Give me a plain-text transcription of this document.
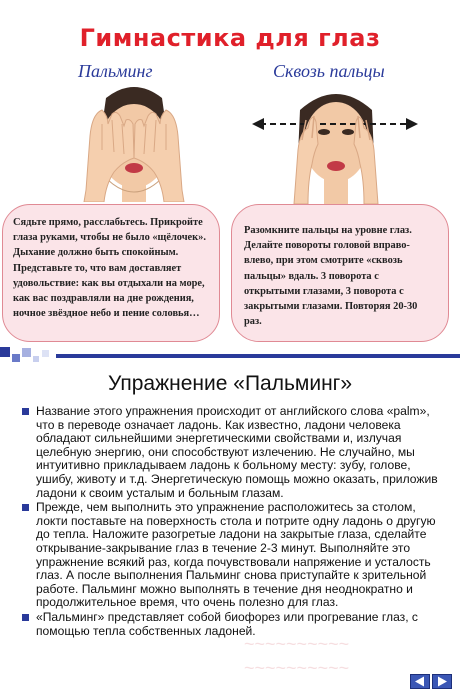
Гимнастика для глаз
Пальминг	Сквозь пальцы
Сядьте прямо, расслабьтесь. Прикройте глаза руками, чтобы не было «щёлочек». Дыхание должно быть спокойным. Представьте то, что вам доставляет удовольствие: как вы отдыхали на море, как вас поздравляли на дне рождения, ночное звёздное небо и пение соловья…
Разомкните пальцы на уровне глаз. Делайте повороты головой вправо-влево, при этом смотрите «сквозь пальцы» вдаль. 3 поворота с открытыми глазами, 3 поворота с закрытыми глазами. Повторяя 20-30 раз.
Упражнение «Пальминг»
Название этого упражнения происходит от английского слова «palm», что в переводе означает ладонь. Как известно, ладони человека обладают сильнейшими энергетическими свойствами и, излучая целебную энергию, они способствуют излечению. Не случайно, мы интуитивно прикладываем ладонь к больному месту: зубу, голове, ушибу, животу и т.д. Энергетическую помощь можно оказать, приложив ладони к своим усталым и больным глазам.
Прежде, чем выполнить это упражнение расположитесь за столом, локти поставьте на поверхность стола и потрите одну ладонь о другую до тепла. Наложите разогретые ладони на закрытые глаза, сделайте открывание-закрывание глаз в течение 2-3 минут. Выполняйте это упражнение всякий раз, когда почувствовали напряжение и усталость глаз. А после выполнения Пальминг снова приступайте к зрительной работе. Пальминг можно выполнять в течение дня неоднократно и продолжительное время, что очень полезно для глаз.
«Пальминг» представляет собой биофорез или прогревание глаз, с помощью тепла собственных ладоней.
~~~~~~~~~~
~~~~~~~~~~
